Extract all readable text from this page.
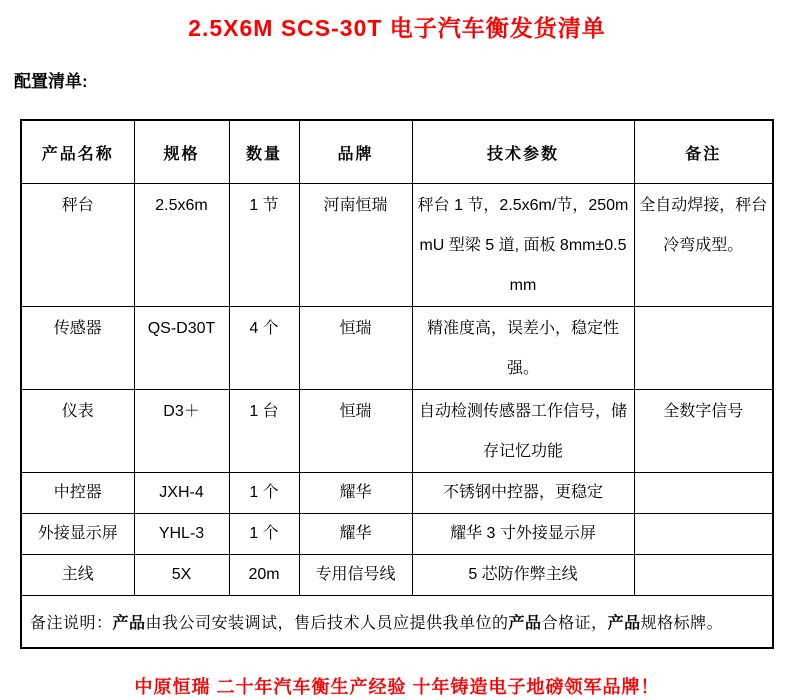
2.5X6M SCS-30T 电子汽车衡发货清单
配置清单:
产品名称	规格	数量	品牌	技术参数	备注
秤台	2.5x6m	1 节	河南恒瑞	秤台 1 节，2.5x6m/节，250mmU 型梁 5 道, 面板 8mm±0.5mm	全自动焊接，秤台冷弯成型。
传感器	QS-D30T	4 个	恒瑞	精准度高，误差小，稳定性强。	
仪表	D3＋	1 台	恒瑞	自动检测传感器工作信号，储存记忆功能	全数字信号
中控器	JXH-4	1 个	耀华	不锈钢中控器，更稳定	
外接显示屏	YHL-3	1 个	耀华	耀华 3 寸外接显示屏	
主线	5X	20m	专用信号线	5 芯防作弊主线	
备注说明：产品由我公司安装调试，售后技术人员应提供我单位的产品合格证，产品规格标牌。					
中原恒瑞 二十年汽车衡生产经验 十年铸造电子地磅领军品牌！
